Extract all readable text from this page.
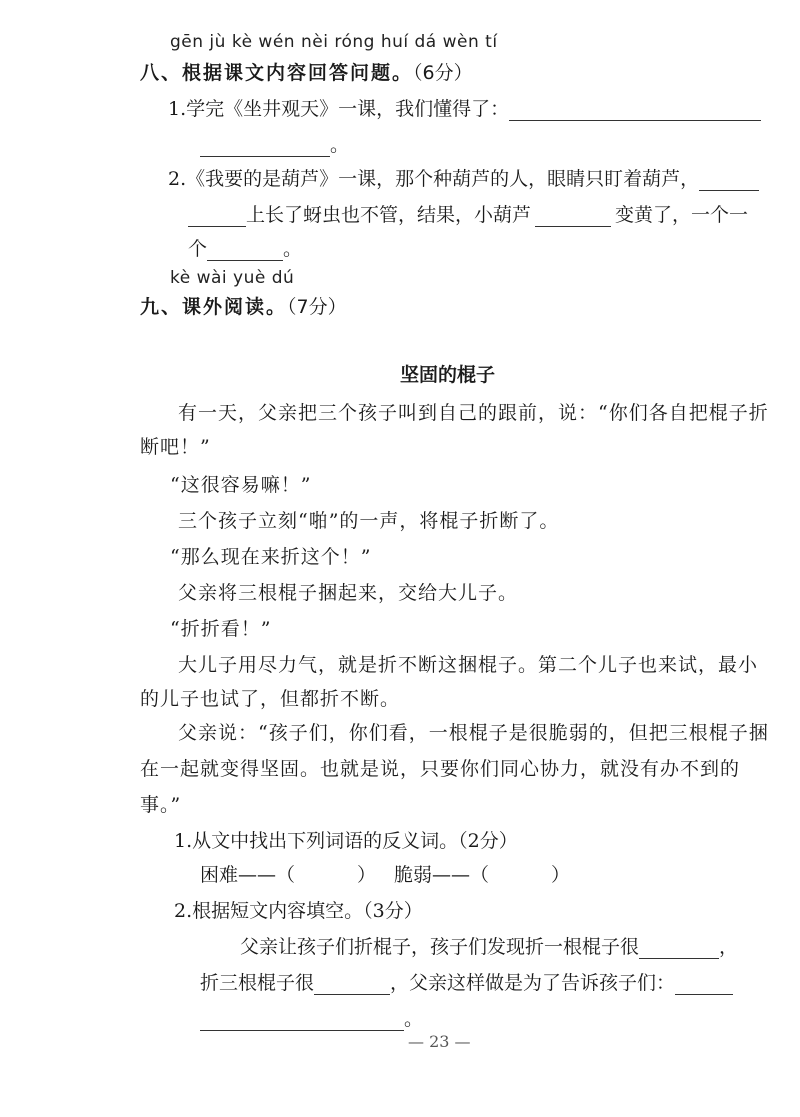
gēn jù kè wén nèi róng huí dá wèn tí
八、根据课文内容回答问题。（6分）
1.学完《坐井观天》一课，我们懂得了：
。
2.《我要的是葫芦》一课，那个种葫芦的人，眼睛只盯着葫芦，
上长了蚜虫也不管，结果，小葫芦	变黄了，一个一
个	。
kè wài yuè dú
九、课外阅读。（7分）
坚固的棍子
有一天，父亲把三个孩子叫到自己的跟前，说：“你们各自把棍子折
断吧！”
“这很容易嘛！”
三个孩子立刻“啪”的一声，将棍子折断了。
“那么现在来折这个！”
父亲将三根棍子捆起来，交给大儿子。
“折折看！”
大儿子用尽力气，就是折不断这捆棍子。第二个儿子也来试，最小
的儿子也试了，但都折不断。
父亲说：“孩子们，你们看，一根棍子是很脆弱的，但把三根棍子捆
在一起就变得坚固。也就是说，只要你们同心协力，就没有办不到的
事。”
1.从文中找出下列词语的反义词。（2分）
困难——（	） 脆弱——（	）
2.根据短文内容填空。（3分）
父亲让孩子们折棍子，孩子们发现折一根棍子很	，
折三根棍子很	，父亲这样做是为了告诉孩子们：
。
— 23 —
